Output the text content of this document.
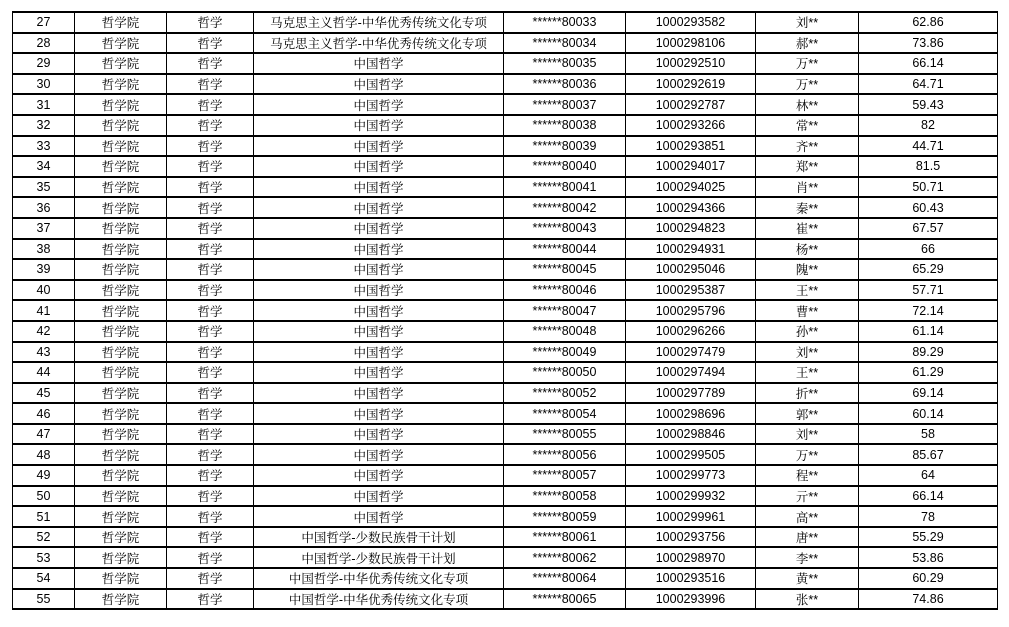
27	哲学院	哲学	马克思主义哲学-中华优秀传统文化专项	******80033	1000293582	刘**	62.86
28	哲学院	哲学	马克思主义哲学-中华优秀传统文化专项	******80034	1000298106	郝**	73.86
29	哲学院	哲学	中国哲学	******80035	1000292510	万**	66.14
30	哲学院	哲学	中国哲学	******80036	1000292619	万**	64.71
31	哲学院	哲学	中国哲学	******80037	1000292787	林**	59.43
32	哲学院	哲学	中国哲学	******80038	1000293266	常**	82
33	哲学院	哲学	中国哲学	******80039	1000293851	齐**	44.71
34	哲学院	哲学	中国哲学	******80040	1000294017	郑**	81.5
35	哲学院	哲学	中国哲学	******80041	1000294025	肖**	50.71
36	哲学院	哲学	中国哲学	******80042	1000294366	秦**	60.43
37	哲学院	哲学	中国哲学	******80043	1000294823	崔**	67.57
38	哲学院	哲学	中国哲学	******80044	1000294931	杨**	66
39	哲学院	哲学	中国哲学	******80045	1000295046	隗**	65.29
40	哲学院	哲学	中国哲学	******80046	1000295387	王**	57.71
41	哲学院	哲学	中国哲学	******80047	1000295796	曹**	72.14
42	哲学院	哲学	中国哲学	******80048	1000296266	孙**	61.14
43	哲学院	哲学	中国哲学	******80049	1000297479	刘**	89.29
44	哲学院	哲学	中国哲学	******80050	1000297494	王**	61.29
45	哲学院	哲学	中国哲学	******80052	1000297789	折**	69.14
46	哲学院	哲学	中国哲学	******80054	1000298696	郭**	60.14
47	哲学院	哲学	中国哲学	******80055	1000298846	刘**	58
48	哲学院	哲学	中国哲学	******80056	1000299505	万**	85.67
49	哲学院	哲学	中国哲学	******80057	1000299773	程**	64
50	哲学院	哲学	中国哲学	******80058	1000299932	亓**	66.14
51	哲学院	哲学	中国哲学	******80059	1000299961	高**	78
52	哲学院	哲学	中国哲学-少数民族骨干计划	******80061	1000293756	唐**	55.29
53	哲学院	哲学	中国哲学-少数民族骨干计划	******80062	1000298970	李**	53.86
54	哲学院	哲学	中国哲学-中华优秀传统文化专项	******80064	1000293516	黄**	60.29
55	哲学院	哲学	中国哲学-中华优秀传统文化专项	******80065	1000293996	张**	74.86
